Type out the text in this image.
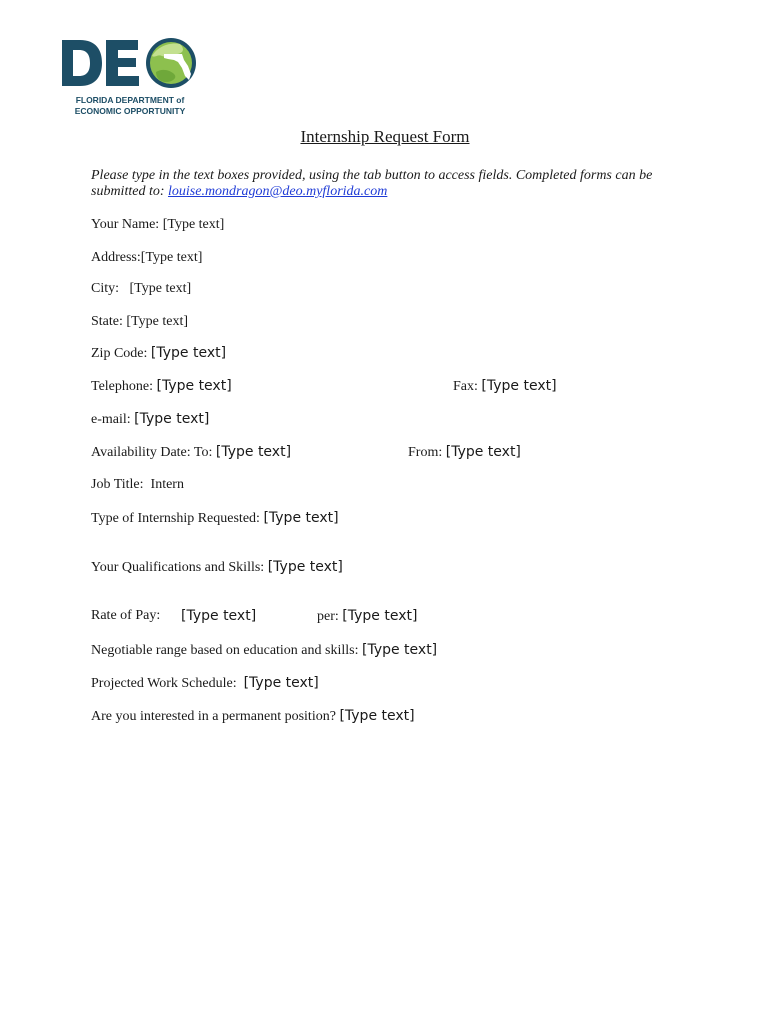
FLORIDA DEPARTMENT of
ECONOMIC OPPORTUNITY
Internship Request Form
Please type in the text boxes provided, using the tab button to access fields. Completed forms can be submitted to: louise.mondragon@deo.myflorida.com
Your Name: [Type text]
Address:[Type text]
City:   [Type text]
State: [Type text]
Zip Code: [Type text]
Telephone: [Type text]	Fax: [Type text]
e-mail: [Type text]
Availability Date: To: [Type text]	From: [Type text]
Job Title:  Intern
Type of Internship Requested: [Type text]
Your Qualifications and Skills: [Type text]
Rate of Pay: [Type text]	per: [Type text]
Negotiable range based on education and skills: [Type text]
Projected Work Schedule:  [Type text]
Are you interested in a permanent position? [Type text]
